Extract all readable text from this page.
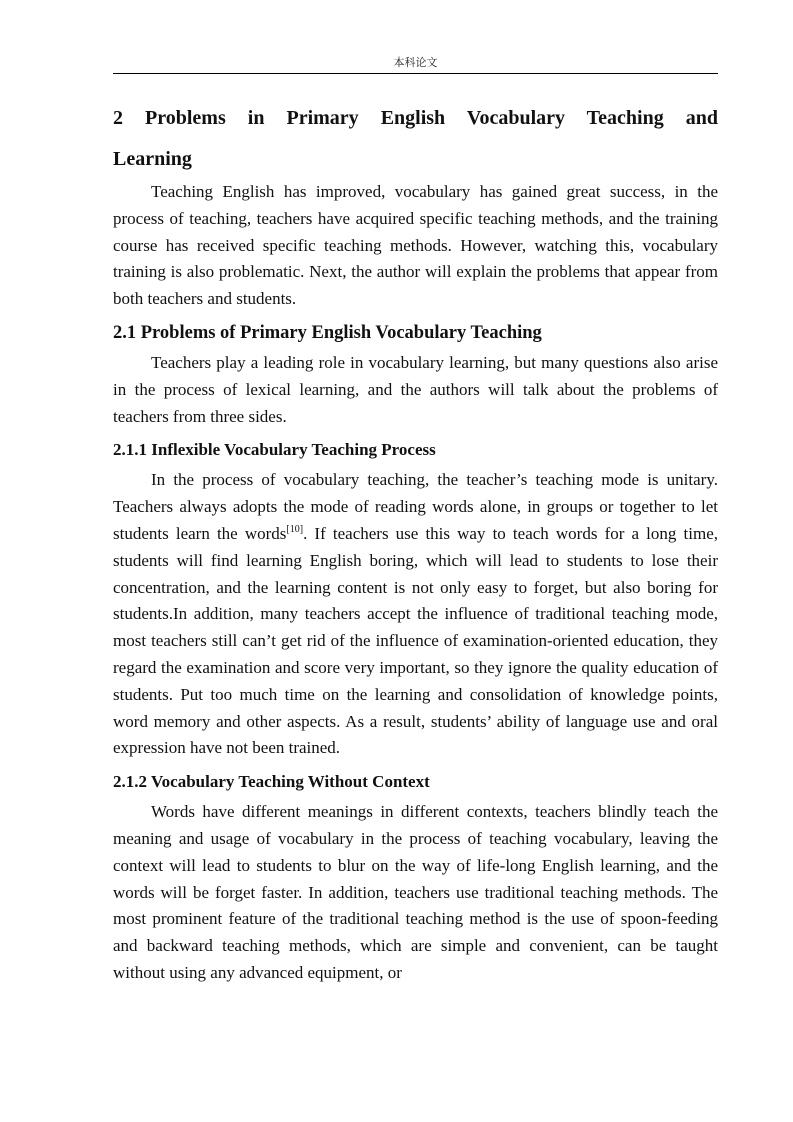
本科论文
2 Problems in Primary English Vocabulary Teaching and
Learning

Teaching English has improved, vocabulary has gained great success, in the process of teaching, teachers have acquired specific teaching methods, and the training course has received specific teaching methods. However, watching this, vocabulary training is also problematic. Next, the author will explain the problems that appear from both teachers and students.

2.1 Problems of Primary English Vocabulary Teaching

Teachers play a leading role in vocabulary learning, but many questions also arise in the process of lexical learning, and the authors will talk about the problems of teachers from three sides.

2.1.1 Inflexible Vocabulary Teaching Process

In the process of vocabulary teaching, the teacher’s teaching mode is unitary. Teachers always adopts the mode of reading words alone, in groups or together to let students learn the words[10]. If teachers use this way to teach words for a long time, students will find learning English boring, which will lead to students to lose their concentration, and the learning content is not only easy to forget, but also boring for students.In addition, many teachers accept the influence of traditional teaching mode, most teachers still can’t get rid of the influence of examination-oriented education, they regard the examination and score very important, so they ignore the quality education of students. Put too much time on the learning and consolidation of knowledge points, word memory and other aspects. As a result, students’ ability of language use and oral expression have not been trained.

2.1.2 Vocabulary Teaching Without Context

Words have different meanings in different contexts, teachers blindly teach the meaning and usage of vocabulary in the process of teaching vocabulary, leaving the context will lead to students to blur on the way of life-long English learning, and the words will be forget faster. In addition, teachers use traditional teaching methods. The most prominent feature of the traditional teaching method is the use of spoon-feeding and backward teaching methods, which are simple and convenient, can be taught without using any advanced equipment, or
